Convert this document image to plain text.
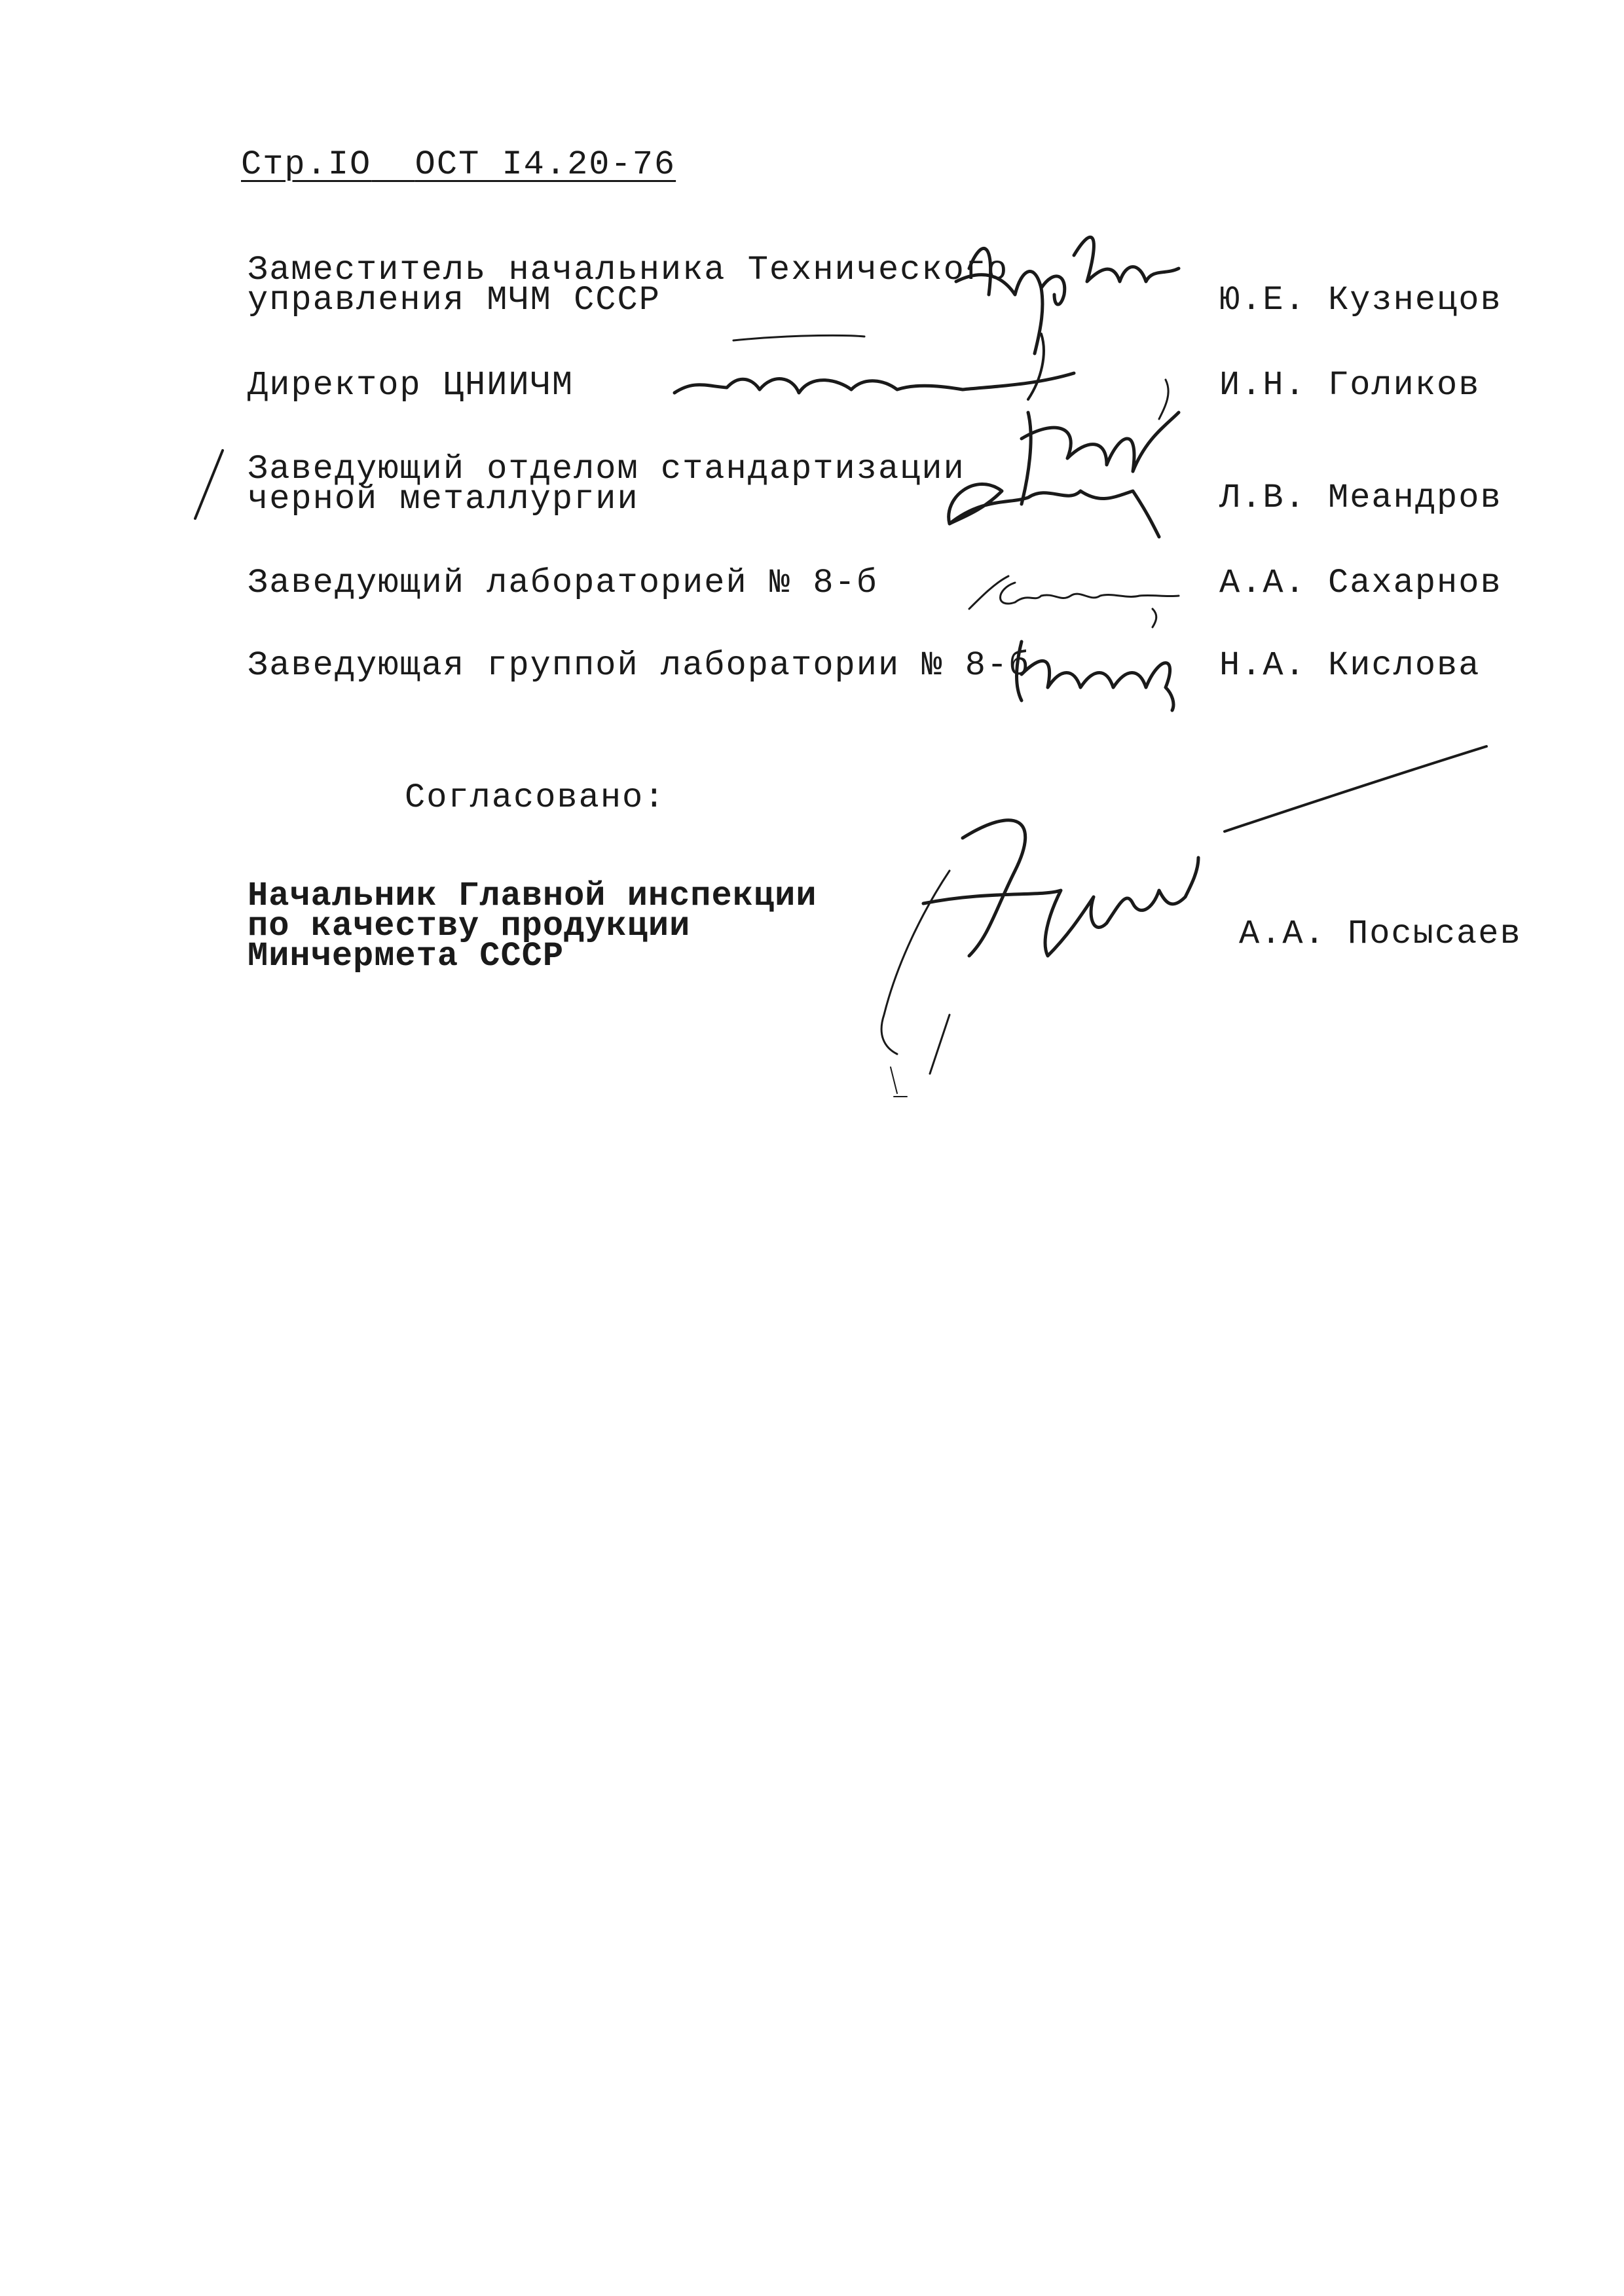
Стр.IO ОСТ I4.20-76
Заместитель начальника Технического
управления МЧМ СССР	Ю.Е. Кузнецов
Директор ЦНИИЧМ	И.Н. Голиков
Заведующий отделом стандартизации
черной металлургии	Л.В. Меандров
Заведующий лабораторией № 8-б	А.А. Сахарнов
Заведующая группой лаборатории № 8-б	Н.А. Кислова
Согласовано:
Начальник Главной инспекции
по качеству продукции
Минчермета СССР
А.А. Посысаев
